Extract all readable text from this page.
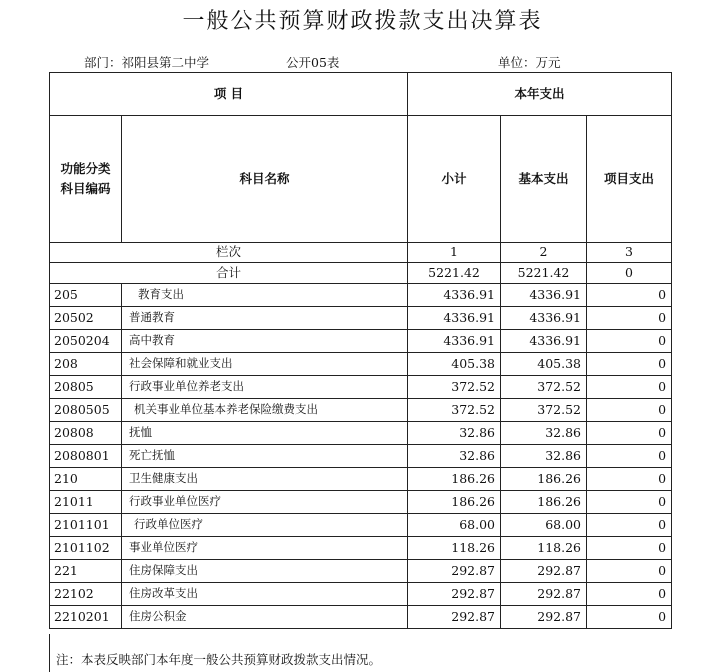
一般公共预算财政拨款支出决算表
部门：祁阳县第二中学	公开05表	单位：万元
项 目		本年支出		

功能分类
科目编码	科目名称	小计	基本支出	项目支出
栏次		1	2	3
合计		5221.42	5221.42	0
205	教育支出	4336.91	4336.91	0
20502	普通教育	4336.91	4336.91	0
2050204	高中教育	4336.91	4336.91	0
208	社会保障和就业支出	405.38	405.38	0
20805	行政事业单位养老支出	372.52	372.52	0
2080505	机关事业单位基本养老保险缴费支出	372.52	372.52	0
20808	抚恤	32.86	32.86	0
2080801	死亡抚恤	32.86	32.86	0
210	卫生健康支出	186.26	186.26	0
21011	行政事业单位医疗	186.26	186.26	0
2101101	行政单位医疗	68.00	68.00	0
2101102	事业单位医疗	118.26	118.26	0
221	住房保障支出	292.87	292.87	0
22102	住房改革支出	292.87	292.87	0
2210201	住房公积金	292.87	292.87	0
注：本表反映部门本年度一般公共预算财政拨款支出情况。
